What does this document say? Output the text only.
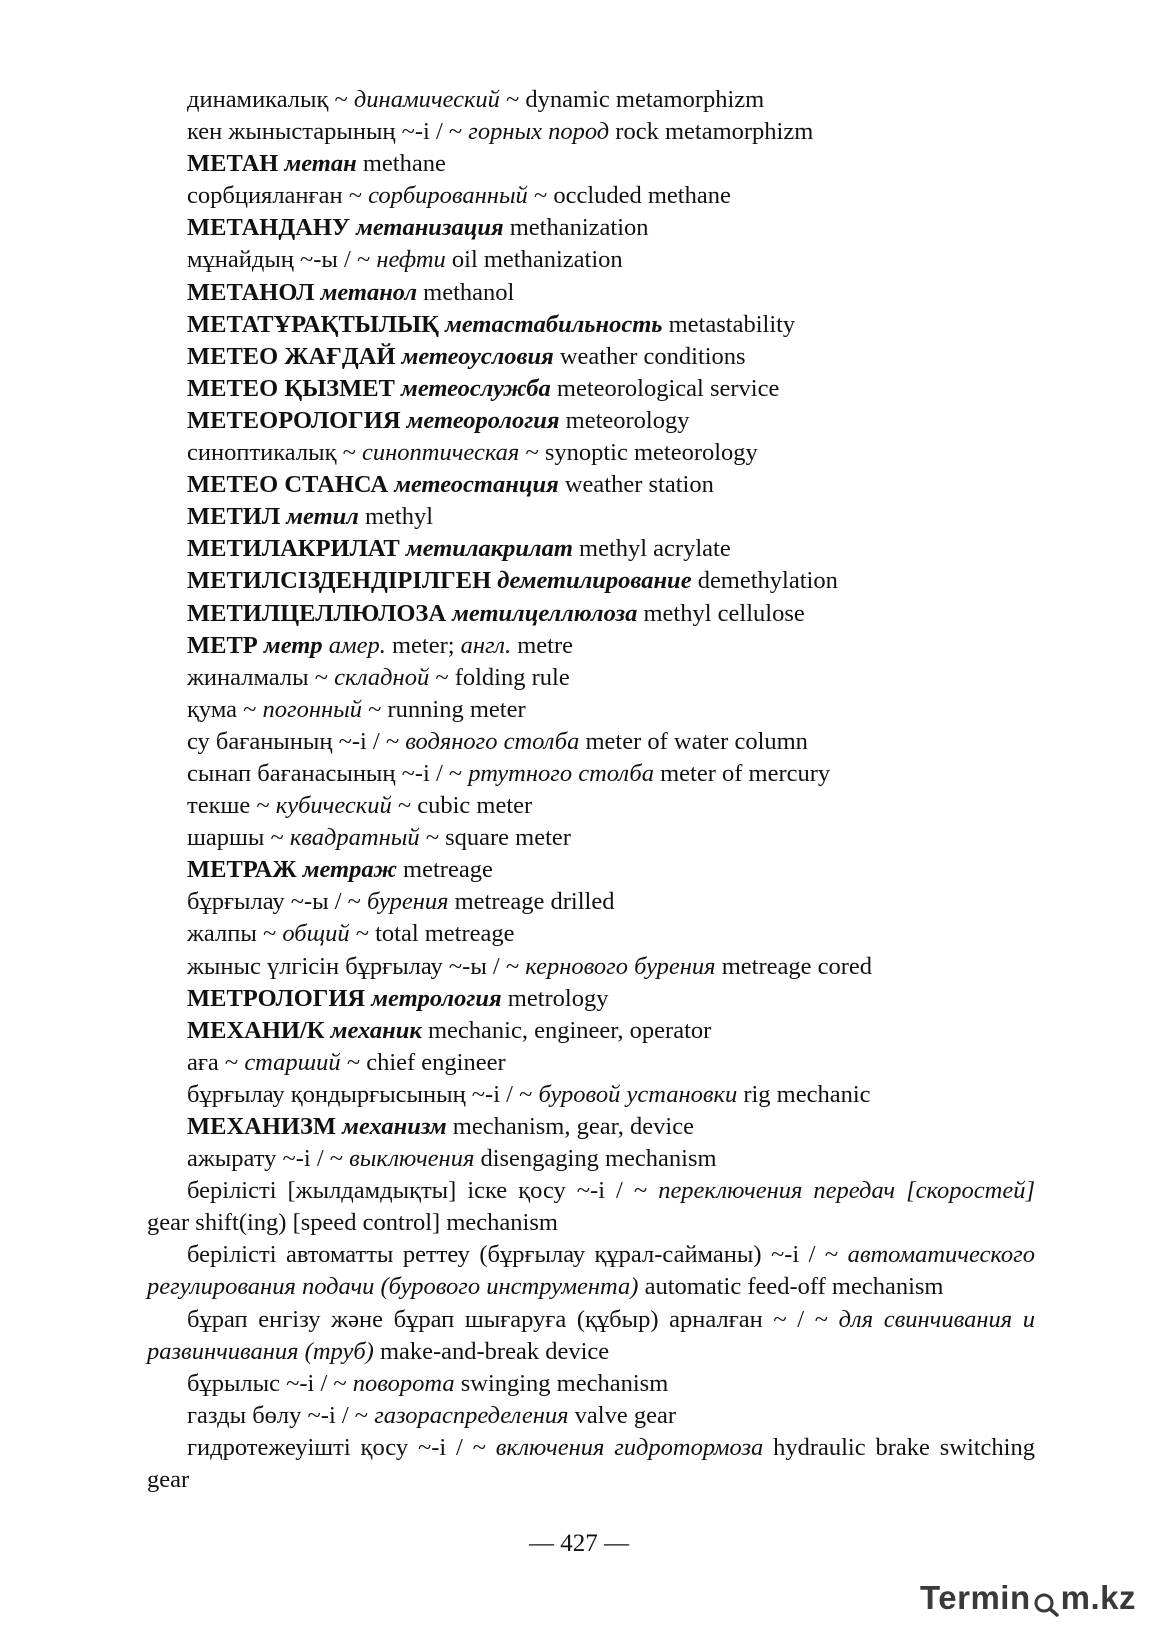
динамикалық ~ динамический ~ dynamic metamorphizm

кен жыныстарының ~-і / ~ горных пород rock metamorphizm

МЕТАН метан methane

сорбцияланған ~ сорбированный ~ occluded methane

МЕТАНДАНУ метанизация methanization

мұнайдың ~-ы / ~ нефти oil methanization

МЕТАНОЛ метанол methanol

МЕТАТҰРАҚТЫЛЫҚ метастабильность metastability

МЕТЕО ЖАҒДАЙ метеоусловия weather conditions

МЕТЕО ҚЫЗМЕТ метеослужба meteorological service

МЕТЕОРОЛОГИЯ метеорология meteorology

синоптикалық ~ синоптическая ~ synoptic meteorology

МЕТЕО СТАНСА метеостанция weather station

МЕТИЛ метил methyl

МЕТИЛАКРИЛАТ метилакрилат methyl acrylate

МЕТИЛСІЗДЕНДІРІЛГЕН деметилирование demethylation

МЕТИЛЦЕЛЛЮЛОЗА метилцеллюлоза methyl cellulose

МЕТР метр амер. meter; англ. metre

жиналмалы ~ складной ~ folding rule

қума ~ погонный ~ running meter

су бағанының ~-і / ~ водяного столба meter of water column

сынап бағанасының ~-і / ~ ртутного столба meter of mercury

текше ~ кубический ~ cubic meter

шаршы ~ квадратный ~ square meter

МЕТРАЖ метраж metreage

бұрғылау ~-ы / ~ бурения metreage drilled

жалпы ~ общий ~ total metreage

жыныс үлгісін бұрғылау ~-ы / ~ кернового бурения metreage cored

МЕТРОЛОГИЯ метрология metrology

МЕХАНИ/К механик mechanic, engineer, operator

аға ~ старший ~ chief engineer

бұрғылау қондырғысының ~-і / ~ буровой установки rig mechanic

МЕХАНИЗМ механизм mechanism, gear, device

ажырату ~-і / ~ выключения disengaging mechanism

берілісті [жылдамдықты] іске қосу ~-і / ~ переключения передач [скоростей] gear shift(ing) [speed control] mechanism

берілісті автоматты реттеу (бұрғылау құрал-сайманы) ~-і / ~ автоматического регулирования подачи (бурового инструмента) automatic feed-off mechanism

бұрап енгізу және бұрап шығаруға (құбыр) арналған ~ / ~ для свинчивания и развинчивания (труб) make-and-break device

бұрылыс ~-і / ~ поворота swinging mechanism

газды бөлу ~-і / ~ газораспределения valve gear

гидротежеуішті қосу ~-і / ~ включения гидротормоза hydraulic brake switching gear

— 427 —
Termin m.kz
